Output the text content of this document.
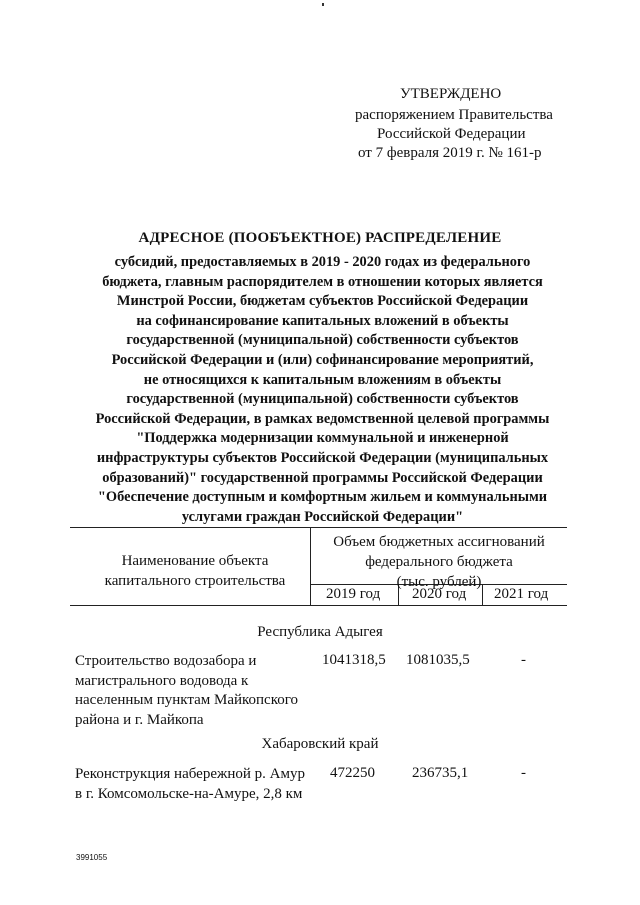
УТВЕРЖДЕНО
распоряжением Правительства
Российской Федерации
от 7 февраля 2019 г. № 161-р
АДРЕСНОЕ (ПООБЪЕКТНОЕ) РАСПРЕДЕЛЕНИЕ
субсидий, предоставляемых в 2019 - 2020 годах из федерального
бюджета, главным распорядителем в отношении которых является
Минстрой России, бюджетам субъектов Российской Федерации
на софинансирование капитальных вложений в объекты
государственной (муниципальной) собственности субъектов
Российской Федерации и (или) софинансирование мероприятий,
не относящихся к капитальным вложениям в объекты
государственной (муниципальной) собственности субъектов
Российской Федерации, в рамках ведомственной целевой программы
"Поддержка модернизации коммунальной и инженерной
инфраструктуры субъектов Российской Федерации (муниципальных
образований)" государственной программы Российской Федерации
"Обеспечение доступным и комфортным жильем и коммунальными
услугами граждан Российской Федерации"
Наименование объекта
капитального строительства
Объем бюджетных ассигнований
федерального бюджета
(тыс. рублей)
2019 год 2020 год 2021 год
Республика Адыгея
Строительство водозабора и
магистрального водовода к
населенным пунктам Майкопского
района и г. Майкопа
1041318,5 1081035,5	-
Хабаровский край
Реконструкция набережной р. Амур
в г. Комсомольске-на-Амуре, 2,8 км
472250 236735,1	-
3991055
